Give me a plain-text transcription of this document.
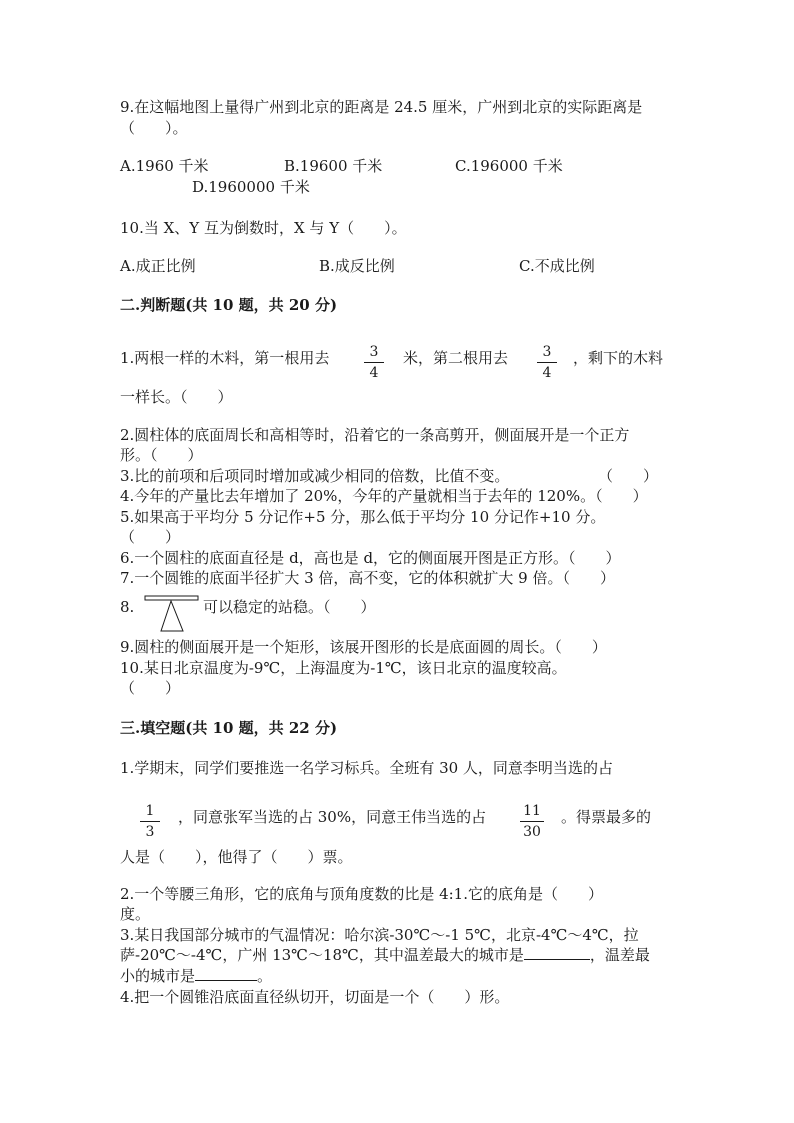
9.在这幅地图上量得广州到北京的距离是 24.5 厘米，广州到北京的实际距离是
（　　）。
A.1960 千米	B.19600 千米	C.196000 千米
D.1960000 千米
10.当 X、Y 互为倒数时，X 与 Y（　　）。
A.成正比例	B.成反比例	C.不成比例
二.判断题(共 10 题，共 20 分)
1.两根一样的木料，第一根用去	3
4
米，第二根用去	3
4
，剩下的木料
一样长。（　　）
2.圆柱体的底面周长和高相等时，沿着它的一条高剪开，侧面展开是一个正方
形。（　　）
3.比的前项和后项同时增加或减少相同的倍数，比值不变。	（　　）
4.今年的产量比去年增加了 20%，今年的产量就相当于去年的 120%。（　　）
5.如果高于平均分 5 分记作+5 分，那么低于平均分 10 分记作+10 分。
（　　）
6.一个圆柱的底面直径是 d，高也是 d，它的侧面展开图是正方形。（　　）
7.一个圆锥的底面半径扩大 3 倍，高不变，它的体积就扩大 9 倍。（　　）
8.	可以稳定的站稳。（　　）
9.圆柱的侧面展开是一个矩形，该展开图形的长是底面圆的周长。（　　）
10.某日北京温度为-9℃，上海温度为-1℃，该日北京的温度较高。
（　　）
三.填空题(共 10 题，共 22 分)
1.学期末，同学们要推选一名学习标兵。全班有 30 人，同意李明当选的占
1
3
，同意张军当选的占 30%，同意王伟当选的占	11
30
。得票最多的
人是（　　），他得了（　　）票。
2.一个等腰三角形，它的底角与顶角度数的比是 4:1.它的底角是（　　）
度。
3.某日我国部分城市的气温情况：哈尔滨-30℃～-1 5℃，北京-4℃～4℃，拉
萨-20℃～-4℃，广州 13℃～18℃，其中温差最大的城市是	，温差最
小的城市是	。
4.把一个圆锥沿底面直径纵切开，切面是一个（　　）形。
